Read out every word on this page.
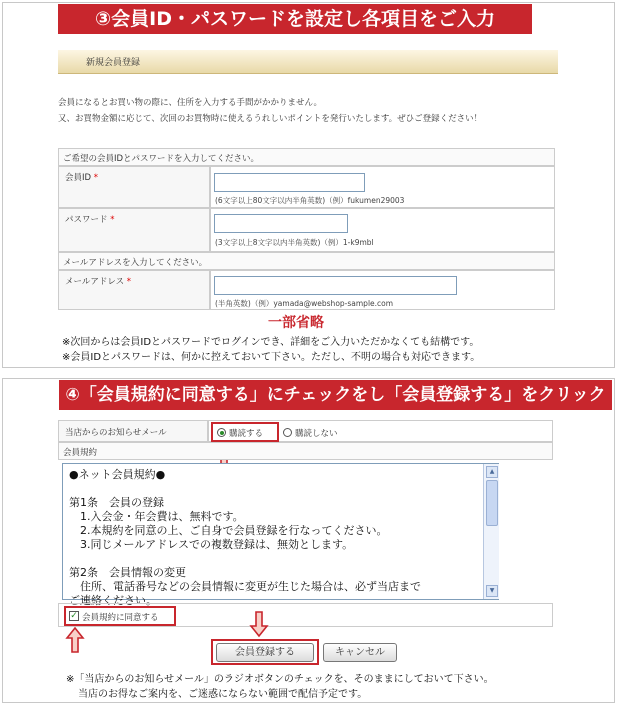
③会員ID・パスワードを設定し各項目をご入力
新規会員登録
会員になるとお買い物の際に、住所を入力する手間がかかりません。
又、お買物金額に応じて、次回のお買物時に使えるうれしいポイントを発行いたします。ぜひご登録ください！
ご希望の会員IDとパスワードを入力してください。
会員ID *
(6文字以上80文字以内半角英数)（例）fukumen29003
パスワード *
(3文字以上8文字以内半角英数)（例）1-k9mbl
メールアドレスを入力してください。
メールアドレス *
(半角英数)（例）yamada@webshop-sample.com
一部省略
※次回からは会員IDとパスワードでログインでき、詳細をご入力いただかなくても結構です。
※会員IDとパスワードは、何かに控えておいて下さい。ただし、不明の場合も対応できます。
④「会員規約に同意する」にチェックをし「会員登録する」をクリック
当店からのお知らせメール	購読する	購読しない
会員規約
●ネット会員規約●
第1条　会員の登録
　1.入会金・年会費は、無料です。
　2.本規約を同意の上、ご自身で会員登録を行なってください。
　3.同じメールアドレスでの複数登録は、無効とします。
第2条　会員情報の変更
　住所、電話番号などの会員情報に変更が生じた場合は、必ず当店まで
ご連絡ください。
▲
▼
✓ 会員規約に同意する
会員登録する	キャンセル
※「当店からのお知らせメール」のラジオボタンのチェックを、そのままにしておいて下さい。
当店のお得なご案内を、ご迷惑にならない範囲で配信予定です。
